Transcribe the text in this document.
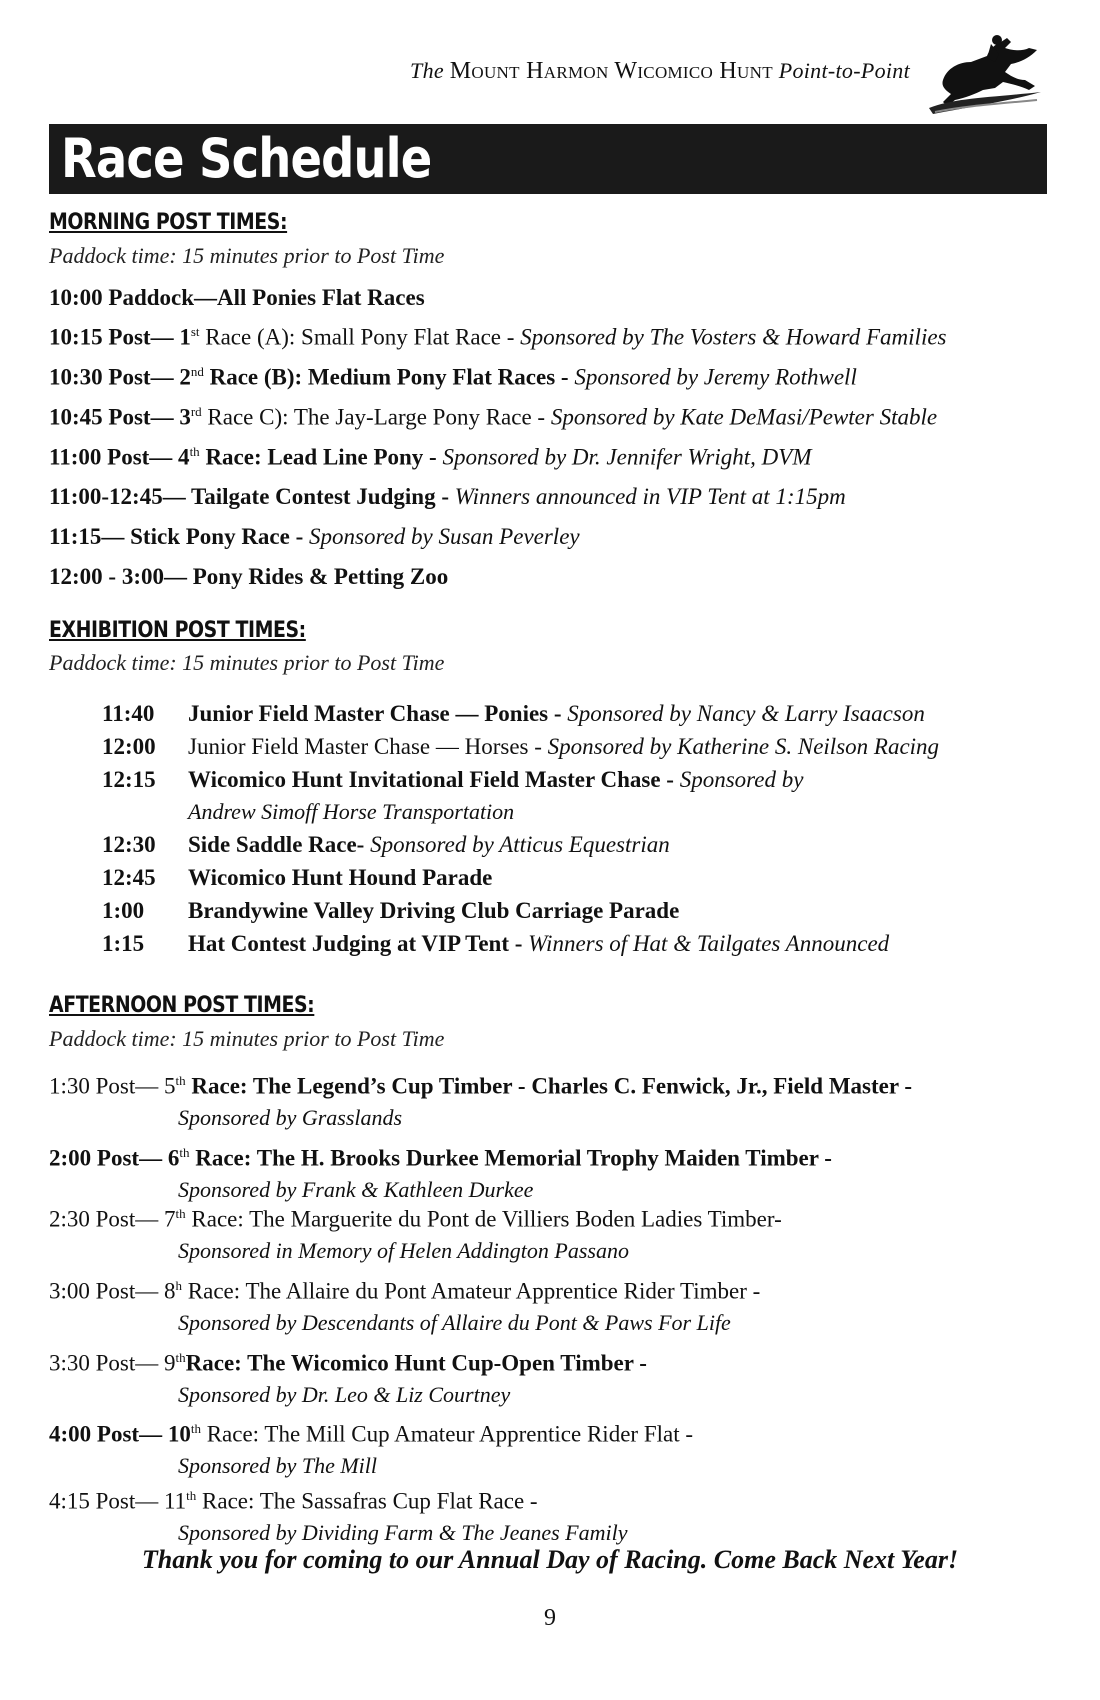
The Mount Harmon Wicomico Hunt Point-to-Point
Race Schedule
MORNING POST TIMES:
Paddock time: 15 minutes prior to Post Time
10:00 Paddock—All Ponies Flat Races
10:15 Post— 1st Race (A): Small Pony Flat Race - Sponsored by The Vosters & Howard Families
10:30 Post— 2nd Race (B): Medium Pony Flat Races - Sponsored by Jeremy Rothwell
10:45 Post— 3rd Race C): The Jay-Large Pony Race - Sponsored by Kate DeMasi/Pewter Stable
11:00 Post— 4th Race: Lead Line Pony - Sponsored by Dr. Jennifer Wright, DVM
11:00-12:45— Tailgate Contest Judging - Winners announced in VIP Tent at 1:15pm
11:15— Stick Pony Race - Sponsored by Susan Peverley
12:00 - 3:00— Pony Rides & Petting Zoo
EXHIBITION POST TIMES:
Paddock time: 15 minutes prior to Post Time
11:40 Junior Field Master Chase — Ponies - Sponsored by Nancy & Larry Isaacson
12:00 Junior Field Master Chase — Horses - Sponsored by Katherine S. Neilson Racing
12:15 Wicomico Hunt Invitational Field Master Chase - Sponsored by
Andrew Simoff Horse Transportation
12:30 Side Saddle Race- Sponsored by Atticus Equestrian
12:45 Wicomico Hunt Hound Parade
1:00 Brandywine Valley Driving Club Carriage Parade
1:15 Hat Contest Judging at VIP Tent - Winners of Hat & Tailgates Announced
AFTERNOON POST TIMES:
Paddock time: 15 minutes prior to Post Time
1:30 Post— 5th Race: The Legend’s Cup Timber - Charles C. Fenwick, Jr., Field Master -
Sponsored by Grasslands
2:00 Post— 6th Race: The H. Brooks Durkee Memorial Trophy Maiden Timber -
Sponsored by Frank & Kathleen Durkee
2:30 Post— 7th Race: The Marguerite du Pont de Villiers Boden Ladies Timber-
Sponsored in Memory of Helen Addington Passano
3:00 Post— 8$^h$ Race: The Allaire du Pont Amateur Apprentice Rider Timber -
Sponsored by Descendants of Allaire du Pont & Paws For Life
3:30 Post— 9thRace: The Wicomico Hunt Cup-Open Timber -
Sponsored by Dr. Leo & Liz Courtney
4:00 Post— 10th Race: The Mill Cup Amateur Apprentice Rider Flat -
Sponsored by The Mill
4:15 Post— 11th Race: The Sassafras Cup Flat Race -
Sponsored by Dividing Farm & The Jeanes Family
Thank you for coming to our Annual Day of Racing. Come Back Next Year!
9
